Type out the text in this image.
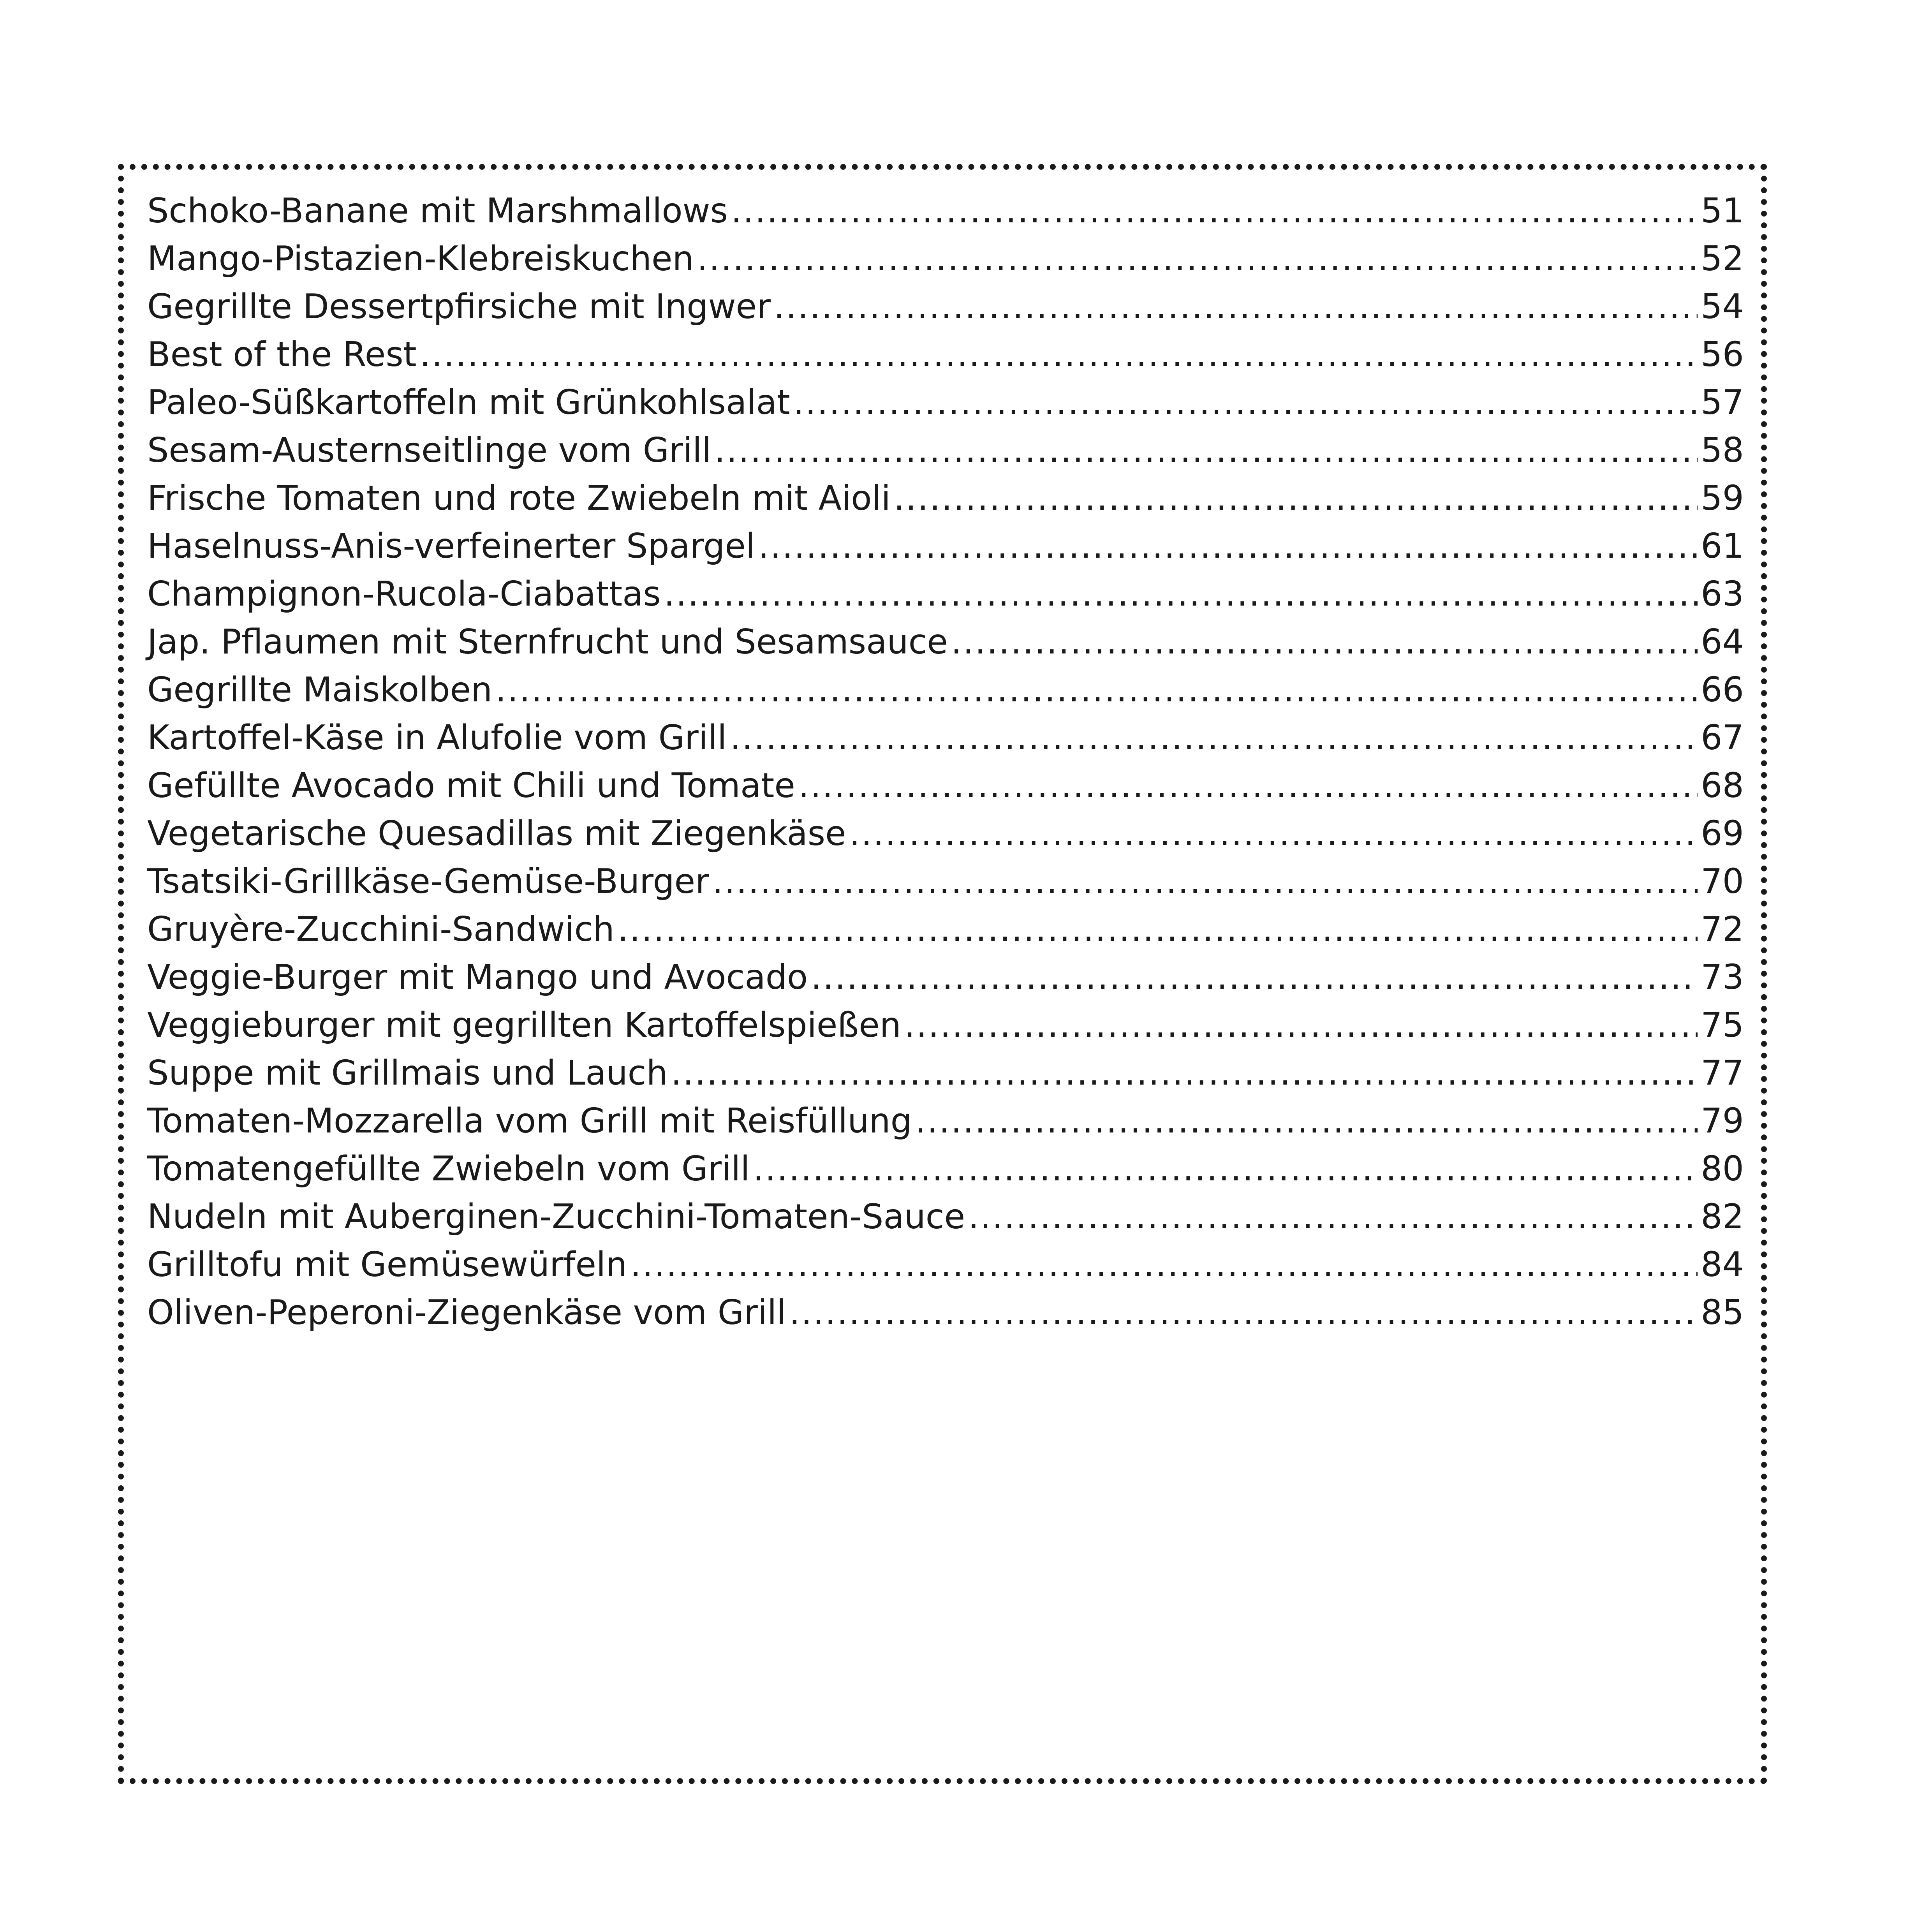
Schoko-Banane mit Marshmallows .....	51
Mango-Pistazien-Klebreiskuchen .....	52
Gegrillte Dessertpfirsiche mit Ingwer .....	54
Best of the Rest .....	56
Paleo-Süßkartoffeln mit Grünkohlsalat .....	57
Sesam-Austernseitlinge vom Grill .....	58
Frische Tomaten und rote Zwiebeln mit Aioli .....	59
Haselnuss-Anis-verfeinerter Spargel .....	61
Champignon-Rucola-Ciabattas .....	63
Jap. Pflaumen mit Sternfrucht und Sesamsauce .....	64
Gegrillte Maiskolben .....	66
Kartoffel-Käse in Alufolie vom Grill .....	67
Gefüllte Avocado mit Chili und Tomate .....	68
Vegetarische Quesadillas mit Ziegenkäse .....	69
Tsatsiki-Grillkäse-Gemüse-Burger .....	70
Gruyère-Zucchini-Sandwich .....	72
Veggie-Burger mit Mango und Avocado .....	73
Veggieburger mit gegrillten Kartoffelspießen .....	75
Suppe mit Grillmais und Lauch .....	77
Tomaten-Mozzarella vom Grill mit Reisfüllung .....	79
Tomatengefüllte Zwiebeln vom Grill .....	80
Nudeln mit Auberginen-Zucchini-Tomaten-Sauce .....	82
Grilltofu mit Gemüsewürfeln .....	84
Oliven-Peperoni-Ziegenkäse vom Grill .....	85
